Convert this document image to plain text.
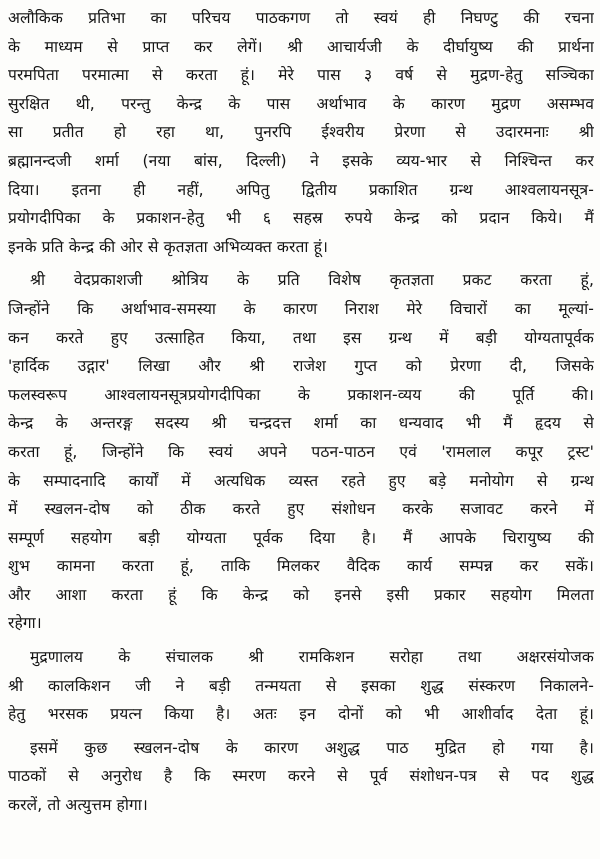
अलौकिक प्रतिभा का परिचय पाठकगण तो स्वयं ही निघण्टु की रचना
के माध्यम से प्राप्त कर लेगें। श्री आचार्यजी के दीर्घायुष्य की प्रार्थना
परमपिता परमात्मा से करता हूं। मेरे पास ३ वर्ष से मुद्रण-हेतु सञ्चिका
सुरक्षित थी, परन्तु केन्द्र के पास अर्थाभाव के कारण मुद्रण असम्भव
सा प्रतीत हो रहा था, पुनरपि ईश्वरीय प्रेरणा से उदारमनाः श्री
ब्रह्मानन्दजी शर्मा (नया बांस, दिल्ली) ने इसके व्यय-भार से निश्चिन्त कर
दिया। इतना ही नहीं, अपितु द्वितीय प्रकाशित ग्रन्थ आश्वलायनसूत्र-
प्रयोगदीपिका के प्रकाशन-हेतु भी ६ सहस्र रुपये केन्द्र को प्रदान किये। मैं
इनके प्रति केन्द्र की ओर से कृतज्ञता अभिव्यक्त करता हूं।
श्री वेदप्रकाशजी श्रोत्रिय के प्रति विशेष कृतज्ञता प्रकट करता हूं,
जिन्होंने कि अर्थाभाव-समस्या के कारण निराश मेरे विचारों का मूल्यां-
कन करते हुए उत्साहित किया, तथा इस ग्रन्थ में बड़ी योग्यतापूर्वक
'हार्दिक उद्गार' लिखा और श्री राजेश गुप्त को प्रेरणा दी, जिसके
फलस्वरूप आश्वलायनसूत्रप्रयोगदीपिका के प्रकाशन-व्यय की पूर्ति की।
केन्द्र के अन्तरङ्ग सदस्य श्री चन्द्रदत्त शर्मा का धन्यवाद भी मैं हृदय से
करता हूं, जिन्होंने कि स्वयं अपने पठन-पाठन एवं 'रामलाल कपूर ट्रस्ट'
के सम्पादनादि कार्यों में अत्यधिक व्यस्त रहते हुए बड़े मनोयोग से ग्रन्थ
में स्खलन-दोष को ठीक करते हुए संशोधन करके सजावट करने में
सम्पूर्ण सहयोग बड़ी योग्यता पूर्वक दिया है। मैं आपके चिरायुष्य की
शुभ कामना करता हूं, ताकि मिलकर वैदिक कार्य सम्पन्न कर सकें।
और आशा करता हूं कि केन्द्र को इनसे इसी प्रकार सहयोग मिलता
रहेगा।
मुद्रणालय के संचालक श्री रामकिशन सरोहा तथा अक्षरसंयोजक
श्री कालकिशन जी ने बड़ी तन्मयता से इसका शुद्ध संस्करण निकालने-
हेतु भरसक प्रयत्न किया है। अतः इन दोनों को भी आशीर्वाद देता हूं।
इसमें कुछ स्खलन-दोष के कारण अशुद्ध पाठ मुद्रित हो गया है।
पाठकों से अनुरोध है कि स्मरण करने से पूर्व संशोधन-पत्र से पद शुद्ध
करलें, तो अत्युत्तम होगा।
